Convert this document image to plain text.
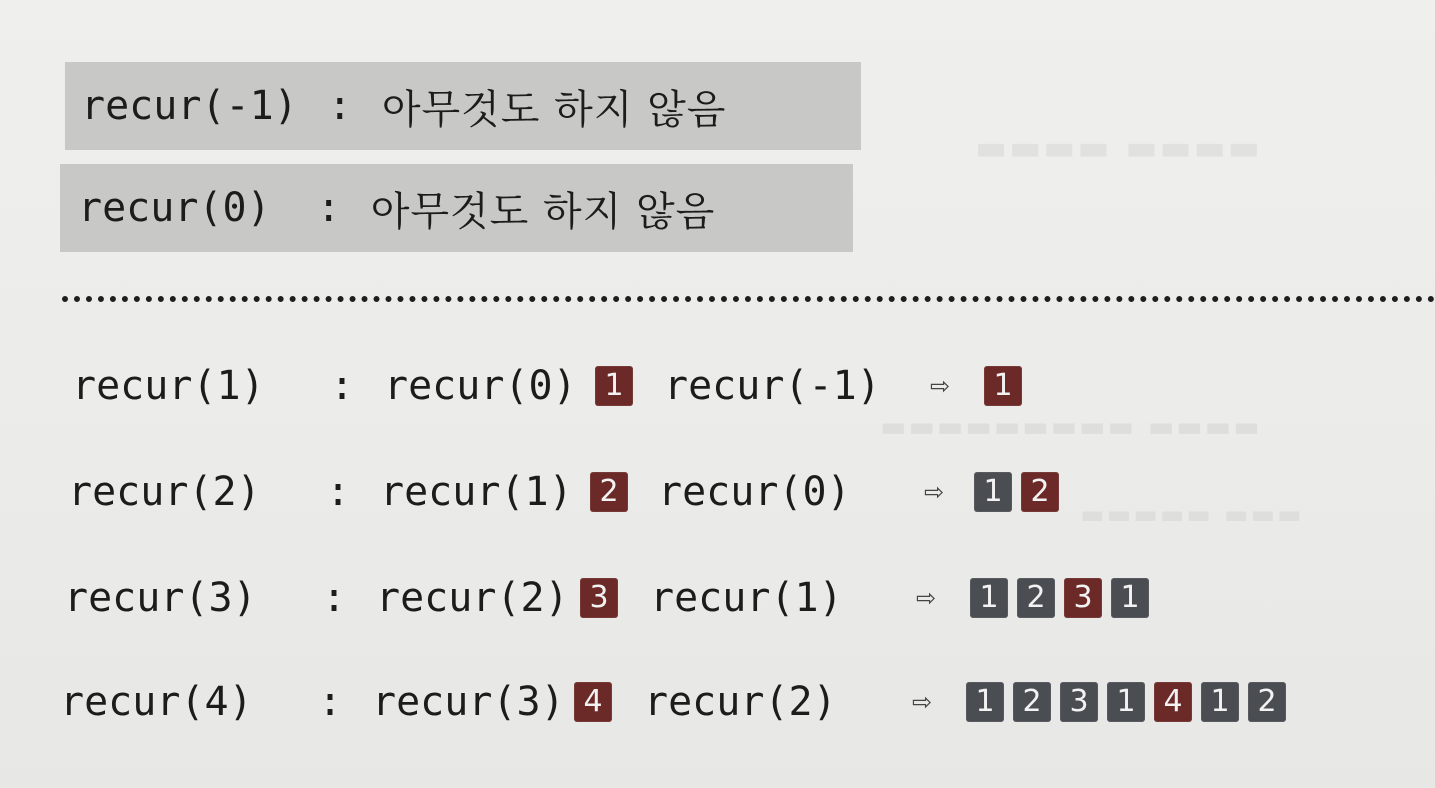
▬▬▬▬ ▬▬▬▬
▬▬▬▬▬▬▬▬▬ ▬▬▬▬
▬▬▬▬▬ ▬▬▬
recur(-1) : 아무것도 하지 않음
recur(0) : 아무것도 하지 않음
recur(1) : recur(0) 1 recur(-1) ⇨	1
recur(2) : recur(1) 2 recur(0)	⇨	1 2
recur(3) : recur(2) 3 recur(1)	⇨	1 2 3 1
recur(4) : recur(3) 4 recur(2)	⇨	1 2 3 1 4 1 2
